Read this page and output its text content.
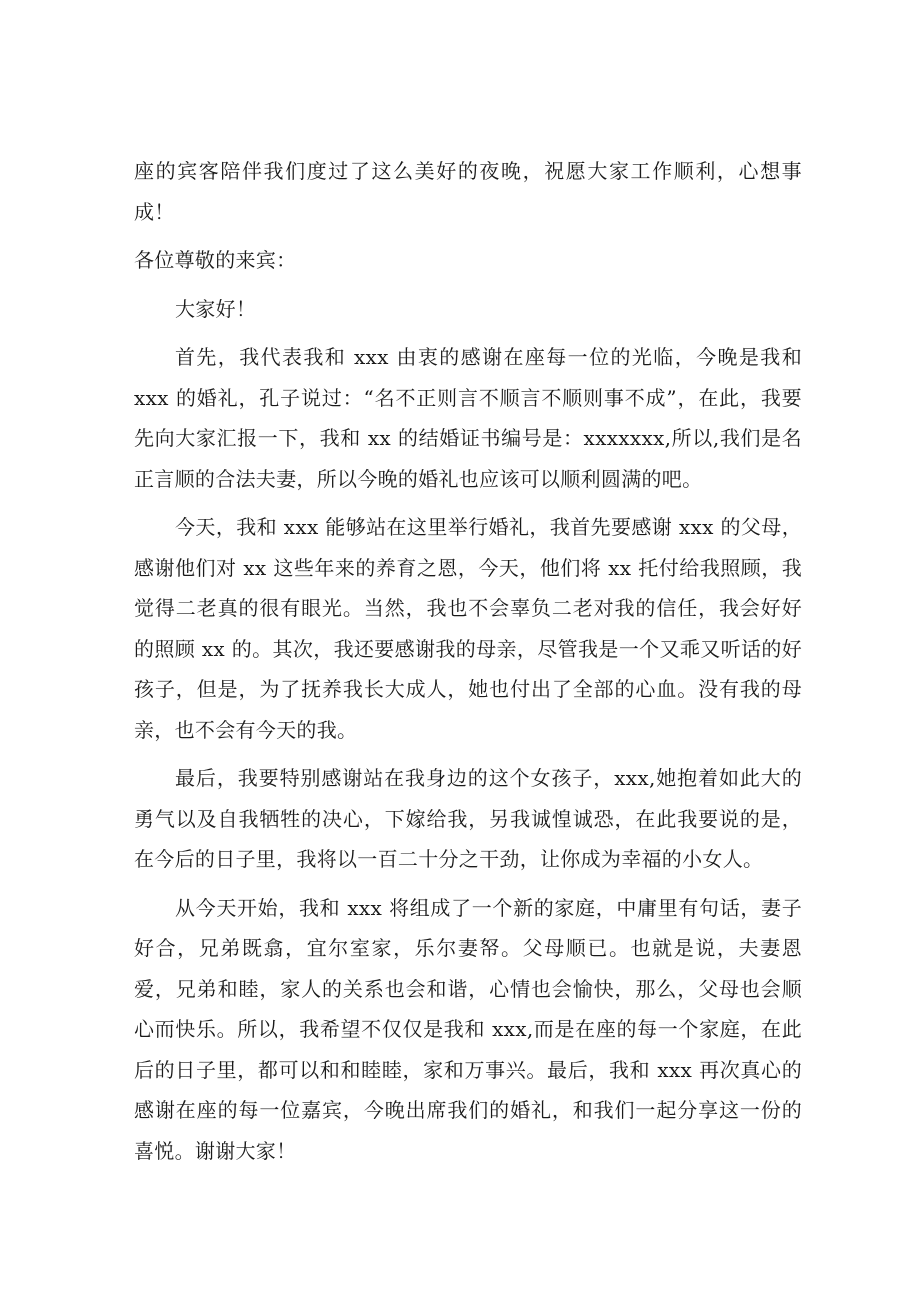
座的宾客陪伴我们度过了这么美好的夜晚，祝愿大家工作顺利，心想事成！

各位尊敬的来宾：

大家好！

首先，我代表我和 xxx 由衷的感谢在座每一位的光临，今晚是我和 xxx 的婚礼，孔子说过：“名不正则言不顺言不顺则事不成”，在此，我要先向大家汇报一下，我和 xx 的结婚证书编号是：xxxxxxx,所以,我们是名正言顺的合法夫妻，所以今晚的婚礼也应该可以顺利圆满的吧。

今天，我和 xxx 能够站在这里举行婚礼，我首先要感谢 xxx 的父母，感谢他们对 xx 这些年来的养育之恩，今天，他们将 xx 托付给我照顾，我觉得二老真的很有眼光。当然，我也不会辜负二老对我的信任，我会好好的照顾 xx 的。其次，我还要感谢我的母亲，尽管我是一个又乖又听话的好孩子，但是，为了抚养我长大成人，她也付出了全部的心血。没有我的母亲，也不会有今天的我。

最后，我要特别感谢站在我身边的这个女孩子，xxx,她抱着如此大的勇气以及自我牺牲的决心，下嫁给我，另我诚惶诚恐，在此我要说的是，在今后的日子里，我将以一百二十分之干劲，让你成为幸福的小女人。

从今天开始，我和 xxx 将组成了一个新的家庭，中庸里有句话，妻子好合，兄弟既翕，宜尔室家，乐尔妻帑。父母顺已。也就是说，夫妻恩爱，兄弟和睦，家人的关系也会和谐，心情也会愉快，那么，父母也会顺心而快乐。所以，我希望不仅仅是我和 xxx,而是在座的每一个家庭，在此后的日子里，都可以和和睦睦，家和万事兴。最后，我和 xxx 再次真心的感谢在座的每一位嘉宾，今晚出席我们的婚礼，和我们一起分享这一份的喜悦。谢谢大家！
